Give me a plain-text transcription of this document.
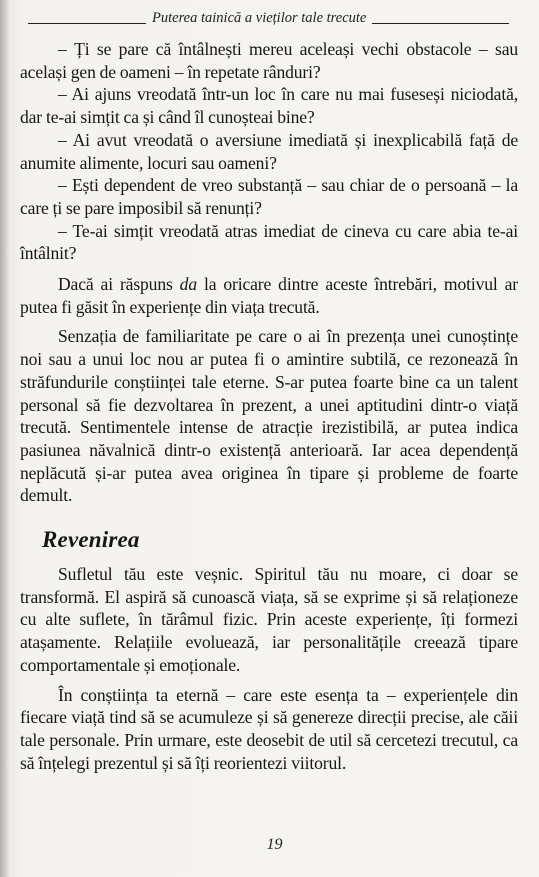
Puterea tainică a vieților tale trecute

– Ți se pare că întâlnești mereu aceleași vechi obstacole – sau același gen de oameni – în repetate rânduri?

– Ai ajuns vreodată într-un loc în care nu mai fuseseși niciodată, dar te-ai simțit ca și când îl cunoșteai bine?

– Ai avut vreodată o aversiune imediată și inexplicabilă față de anumite alimente, locuri sau oameni?

– Ești dependent de vreo substanță – sau chiar de o persoană – la care ți se pare imposibil să renunți?

– Te-ai simțit vreodată atras imediat de cineva cu care abia te-ai întâlnit?

Dacă ai răspuns da la oricare dintre aceste întrebări, motivul ar putea fi găsit în experiențe din viața trecută.

Senzația de familiaritate pe care o ai în prezența unei cunoștințe noi sau a unui loc nou ar putea fi o amintire subtilă, ce rezonează în străfundurile conștiinței tale eterne. S-ar putea foarte bine ca un talent personal să fie dezvoltarea în prezent, a unei aptitudini dintr-o viață trecută. Sentimentele intense de atracție irezistibilă, ar putea indica pasiunea năvalnică dintr-o existență anterioară. Iar acea dependență neplăcută și-ar putea avea originea în tipare și probleme de foarte demult.

Revenirea

Sufletul tău este veșnic. Spiritul tău nu moare, ci doar se transformă. El aspiră să cunoască viața, să se exprime și să relaționeze cu alte suflete, în tărâmul fizic. Prin aceste experiențe, îți formezi atașamente. Relațiile evoluează, iar personalitățile creează tipare comportamentale și emoționale.

În conștiința ta eternă – care este esența ta – experiențele din fiecare viață tind să se acumuleze și să genereze direcții precise, ale căii tale personale. Prin urmare, este deosebit de util să cercetezi trecutul, ca să înțelegi prezentul și să îți reorientezi viitorul.

19
